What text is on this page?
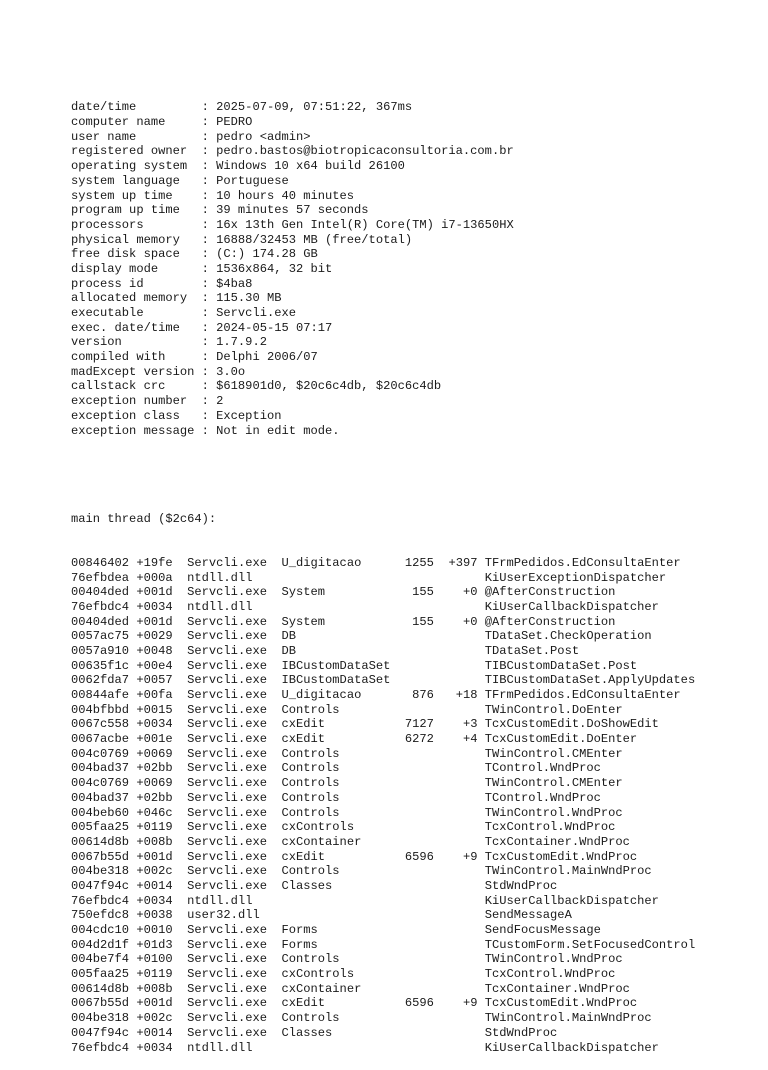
date/time         : 2025-07-09, 07:51:22, 367ms
computer name     : PEDRO
user name         : pedro <admin>
registered owner  : pedro.bastos@biotropicaconsultoria.com.br
operating system  : Windows 10 x64 build 26100
system language   : Portuguese
system up time    : 10 hours 40 minutes
program up time   : 39 minutes 57 seconds
processors        : 16x 13th Gen Intel(R) Core(TM) i7-13650HX
physical memory   : 16888/32453 MB (free/total)
free disk space   : (C:) 174.28 GB
display mode      : 1536x864, 32 bit
process id        : $4ba8
allocated memory  : 115.30 MB
executable        : Servcli.exe
exec. date/time   : 2024-05-15 07:17
version           : 1.7.9.2
compiled with     : Delphi 2006/07
madExcept version : 3.0o
callstack crc     : $618901d0, $20c6c4db, $20c6c4db
exception number  : 2
exception class   : Exception
exception message : Not in edit mode.

main thread ($2c64):

00846402 +19fe  Servcli.exe  U_digitacao      1255  +397 TFrmPedidos.EdConsultaEnter
76efbdea +000a  ntdll.dll	KiUserExceptionDispatcher
00404ded +001d  Servcli.exe  System            155    +0 @AfterConstruction
76efbdc4 +0034  ntdll.dll	KiUserCallbackDispatcher
00404ded +001d  Servcli.exe  System            155    +0 @AfterConstruction
0057ac75 +0029  Servcli.exe  DB	TDataSet.CheckOperation
0057a910 +0048  Servcli.exe  DB	TDataSet.Post
00635f1c +00e4  Servcli.exe  IBCustomDataSet	TIBCustomDataSet.Post
0062fda7 +0057  Servcli.exe  IBCustomDataSet	TIBCustomDataSet.ApplyUpdates
00844afe +00fa  Servcli.exe  U_digitacao       876   +18 TFrmPedidos.EdConsultaEnter
004bfbbd +0015  Servcli.exe  Controls	TWinControl.DoEnter
0067c558 +0034  Servcli.exe  cxEdit           7127    +3 TcxCustomEdit.DoShowEdit
0067acbe +001e  Servcli.exe  cxEdit           6272    +4 TcxCustomEdit.DoEnter
004c0769 +0069  Servcli.exe  Controls	TWinControl.CMEnter
004bad37 +02bb  Servcli.exe  Controls	TControl.WndProc
004c0769 +0069  Servcli.exe  Controls	TWinControl.CMEnter
004bad37 +02bb  Servcli.exe  Controls	TControl.WndProc
004beb60 +046c  Servcli.exe  Controls	TWinControl.WndProc
005faa25 +0119  Servcli.exe  cxControls	TcxControl.WndProc
00614d8b +008b  Servcli.exe  cxContainer	TcxContainer.WndProc
0067b55d +001d  Servcli.exe  cxEdit           6596    +9 TcxCustomEdit.WndProc
004be318 +002c  Servcli.exe  Controls	TWinControl.MainWndProc
0047f94c +0014  Servcli.exe  Classes	StdWndProc
76efbdc4 +0034  ntdll.dll	KiUserCallbackDispatcher
750efdc8 +0038  user32.dll	SendMessageA
004cdc10 +0010  Servcli.exe  Forms	SendFocusMessage
004d2d1f +01d3  Servcli.exe  Forms	TCustomForm.SetFocusedControl
004be7f4 +0100  Servcli.exe  Controls	TWinControl.WndProc
005faa25 +0119  Servcli.exe  cxControls	TcxControl.WndProc
00614d8b +008b  Servcli.exe  cxContainer	TcxContainer.WndProc
0067b55d +001d  Servcli.exe  cxEdit           6596    +9 TcxCustomEdit.WndProc
004be318 +002c  Servcli.exe  Controls	TWinControl.MainWndProc
0047f94c +0014  Servcli.exe  Classes	StdWndProc
76efbdc4 +0034  ntdll.dll	KiUserCallbackDispatcher
